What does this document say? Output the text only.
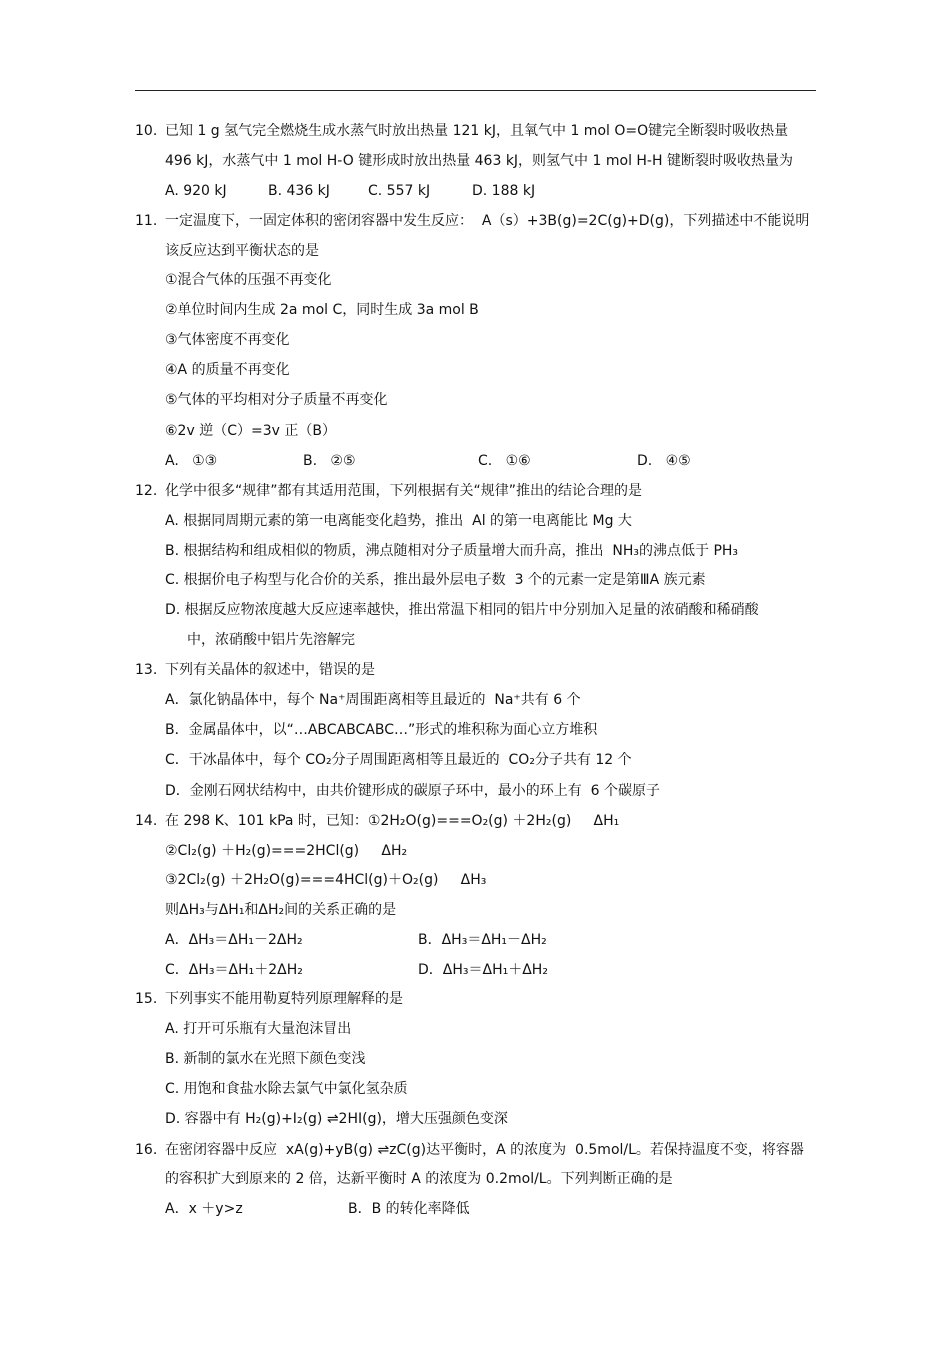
10. 已知 1 g 氢气完全燃烧生成水蒸气时放出热量 121 kJ，且氧气中 1 mol O=O键完全断裂时吸收热量
496 kJ，水蒸气中 1 mol H-O 键形成时放出热量 463 kJ，则氢气中 1 mol H-H 键断裂时吸收热量为
A. 920 kJ	B. 436 kJ	C. 557 kJ	D. 188 kJ
11. 一定温度下，一固定体积的密闭容器中发生反应：  A（s）+3B(g)=2C(g)+D(g)，下列描述中不能说明
该反应达到平衡状态的是
①混合气体的压强不再变化
②单位时间内生成 2a mol C，同时生成 3a mol B
③气体密度不再变化
④A 的质量不再变化
⑤气体的平均相对分子质量不再变化
⑥2v 逆（C）=3v 正（B）
A.   ①③	B.   ②⑤	C.   ①⑥	D.   ④⑤
12. 化学中很多“规律”都有其适用范围，下列根据有关“规律”推出的结论合理的是
A. 根据同周期元素的第一电离能变化趋势，推出  Al 的第一电离能比 Mg 大
B. 根据结构和组成相似的物质，沸点随相对分子质量增大而升高，推出  NH₃的沸点低于 PH₃
C. 根据价电子构型与化合价的关系，推出最外层电子数  3 个的元素一定是第ⅢA 族元素
D. 根据反应物浓度越大反应速率越快，推出常温下相同的铝片中分别加入足量的浓硝酸和稀硝酸
中，浓硝酸中铝片先溶解完
13. 下列有关晶体的叙述中，错误的是
A．氯化钠晶体中，每个 Na⁺周围距离相等且最近的  Na⁺共有 6 个
B．金属晶体中，以“…ABCABCABC…”形式的堆积称为面心立方堆积
C．干冰晶体中，每个 CO₂分子周围距离相等且最近的  CO₂分子共有 12 个
D．金刚石网状结构中，由共价键形成的碳原子环中，最小的环上有  6 个碳原子
14. 在 298 K、101 kPa 时，已知：①2H₂O(g)===O₂(g) ＋2H₂(g)     ΔH₁
②Cl₂(g) ＋H₂(g)===2HCl(g)     ΔH₂
③2Cl₂(g) ＋2H₂O(g)===4HCl(g)＋O₂(g)     ΔH₃
则ΔH₃与ΔH₁和ΔH₂间的关系正确的是
A．ΔH₃＝ΔH₁－2ΔH₂	B．ΔH₃＝ΔH₁－ΔH₂
C．ΔH₃＝ΔH₁＋2ΔH₂	D．ΔH₃＝ΔH₁＋ΔH₂
15. 下列事实不能用勒夏特列原理解释的是
A. 打开可乐瓶有大量泡沫冒出
B. 新制的氯水在光照下颜色变浅
C. 用饱和食盐水除去氯气中氯化氢杂质
D. 容器中有 H₂(g)+I₂(g) ⇌2HI(g)，增大压强颜色变深
16. 在密闭容器中反应  xA(g)+yB(g) ⇌zC(g)达平衡时，A 的浓度为  0.5mol/L。若保持温度不变，将容器
的容积扩大到原来的 2 倍，达新平衡时 A 的浓度为 0.2mol/L。下列判断正确的是
A．x ＋y>z	B．B 的转化率降低
